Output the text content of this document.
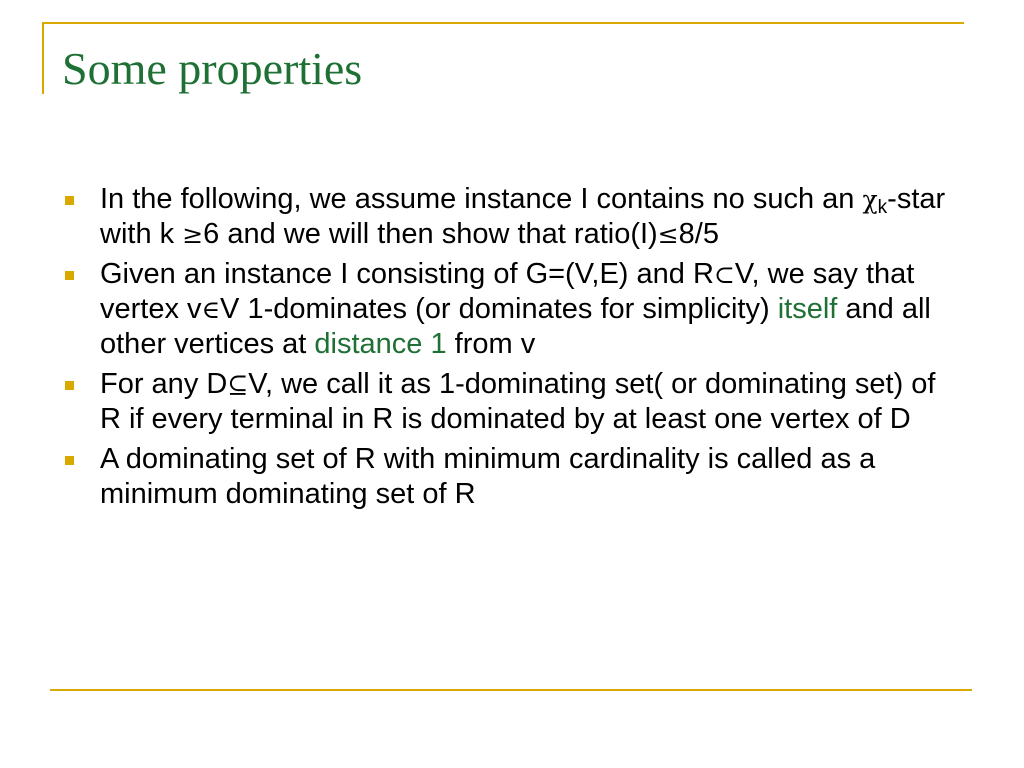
Some properties
In the following, we assume instance I contains no such an $\chi_k$-star with k ≥6 and we will then show that ratio(I)≤8/5
Given an instance I consisting of G=(V,E) and R⊂V, we say that vertex v∈V 1-dominates (or dominates for simplicity) itself and all other vertices at distance 1 from v
For any D⊆V, we call it as 1-dominating set( or dominating set) of R if every terminal in R is dominated by at least one vertex of D
A dominating set of R with minimum cardinality is called as a minimum dominating set of R
